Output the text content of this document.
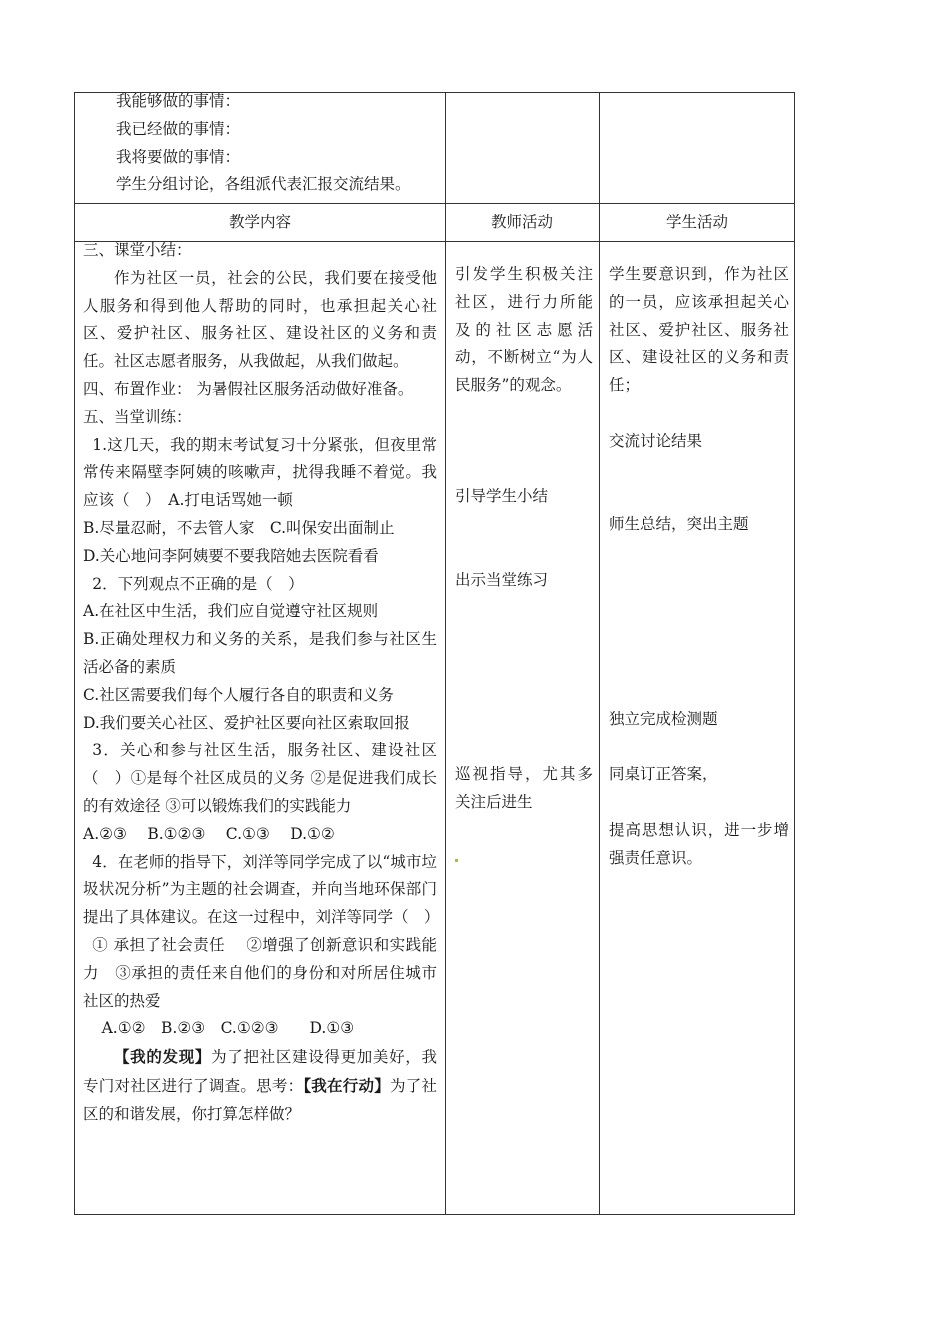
我能够做的事情：

我已经做的事情：

我将要做的事情：

学生分组讨论，各组派代表汇报交流结果。

教学内容	教师活动	学生活动

三、课堂小结：

作为社区一员，社会的公民，我们要在接受他人服务和得到他人帮助的同时，也承担起关心社区、爱护社区、服务社区、建设社区的义务和责任。社区志愿者服务，从我做起，从我们做起。

四、布置作业： 为暑假社区服务活动做好准备。

五、当堂训练：

1.这几天，我的期末考试复习十分紧张，但夜里常常传来隔壁李阿姨的咳嗽声，扰得我睡不着觉。我应该（　）　A.打电话骂她一顿

B.尽量忍耐，不去管人家　C.叫保安出面制止

D.关心地问李阿姨要不要我陪她去医院看看

2．下列观点不正确的是（　）

A.在社区中生活，我们应自觉遵守社区规则

B.正确处理权力和义务的关系，是我们参与社区生活必备的素质

C.社区需要我们每个人履行各自的职责和义务

D.我们要关心社区、爱护社区要向社区索取回报

3．关心和参与社区生活，服务社区、建设社区（　）①是每个社区成员的义务 ②是促进我们成长的有效途径 ③可以锻炼我们的实践能力

A.②③　 B.①②③　 C.①③　 D.①②

4．在老师的指导下，刘洋等同学完成了以“城市垃圾状况分析”为主题的社会调查，并向当地环保部门提出了具体建议。在这一过程中，刘洋等同学（　）

① 承担了社会责任　 ②增强了创新意识和实践能力　③承担的责任来自他们的身份和对所居住城市社区的热爱

A.①②　B.②③　C.①②③　　D.①③

【我的发现】为了把社区建设得更加美好，我专门对社区进行了调查。思考：【我在行动】为了社区的和谐发展，你打算怎样做？

引发学生积极关注社区，进行力所能及的社区志愿活动，不断树立“为人民服务”的观念。

引导学生小结

出示当堂练习

巡视指导，尤其多关注后进生

学生要意识到，作为社区的一员，应该承担起关心社区、爱护社区、服务社区、建设社区的义务和责任；

交流讨论结果

师生总结，突出主题

独立完成检测题

同桌订正答案，

提高思想认识，进一步增强责任意识。
